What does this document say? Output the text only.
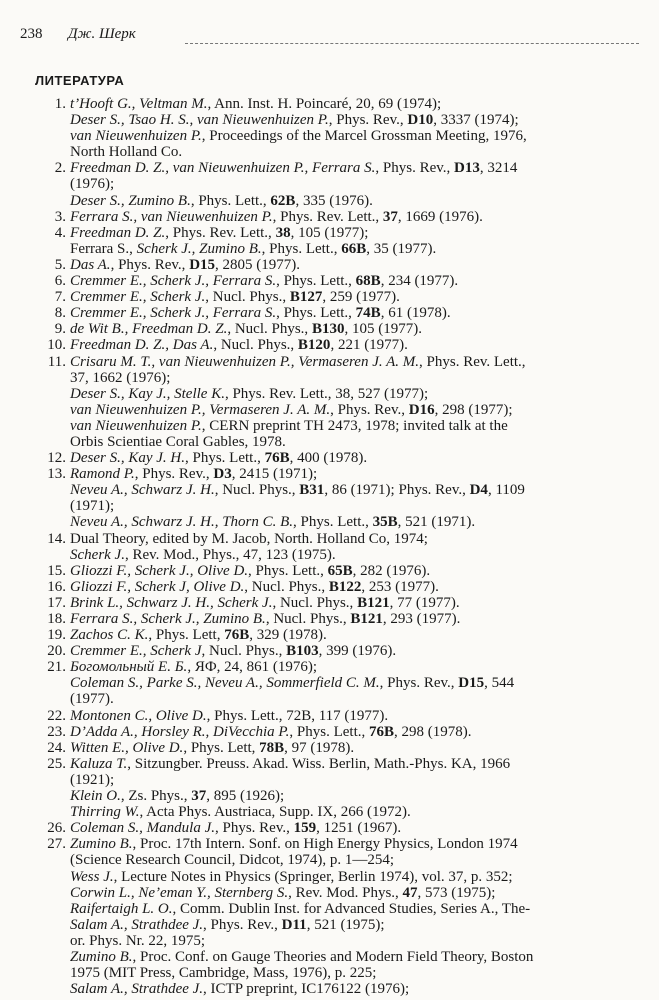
238 Дж. Шерк
ЛИТЕРАТУРА
1. t’Hooft G., Veltman M., Ann. Inst. H. Poincaré, 20, 69 (1974);
Deser S., Tsao H. S., van Nieuwenhuizen P., Phys. Rev., D10, 3337 (1974);
van Nieuwenhuizen P., Proceedings of the Marcel Grossman Meeting, 1976,
North Holland Co.
2. Freedman D. Z., van Nieuwenhuizen P., Ferrara S., Phys. Rev., D13, 3214
(1976);
Deser S., Zumino B., Phys. Lett., 62B, 335 (1976).
3. Ferrara S., van Nieuwenhuizen P., Phys. Rev. Lett., 37, 1669 (1976).
4. Freedman D. Z., Phys. Rev. Lett., 38, 105 (1977);
Ferrara S., Scherk J., Zumino B., Phys. Lett., 66B, 35 (1977).
5. Das A., Phys. Rev., D15, 2805 (1977).
6. Cremmer E., Scherk J., Ferrara S., Phys. Lett., 68B, 234 (1977).
7. Cremmer E., Scherk J., Nucl. Phys., B127, 259 (1977).
8. Cremmer E., Scherk J., Ferrara S., Phys. Lett., 74B, 61 (1978).
9. de Wit B., Freedman D. Z., Nucl. Phys., B130, 105 (1977).
10. Freedman D. Z., Das A., Nucl. Phys., B120, 221 (1977).
11. Crisaru M. T., van Nieuwenhuizen P., Vermaseren J. A. M., Phys. Rev. Lett.,
37, 1662 (1976);
Deser S., Kay J., Stelle K., Phys. Rev. Lett., 38, 527 (1977);
van Nieuwenhuizen P., Vermaseren J. A. M., Phys. Rev., D16, 298 (1977);
van Nieuwenhuizen P., CERN preprint TH 2473, 1978; invited talk at the
Orbis Scientiae Coral Gables, 1978.
12. Deser S., Kay J. H., Phys. Lett., 76B, 400 (1978).
13. Ramond P., Phys. Rev., D3, 2415 (1971);
Neveu A., Schwarz J. H., Nucl. Phys., B31, 86 (1971); Phys. Rev., D4, 1109
(1971);
Neveu A., Schwarz J. H., Thorn C. B., Phys. Lett., 35B, 521 (1971).
14. Dual Theory, edited by M. Jacob, North. Holland Co, 1974;
Scherk J., Rev. Mod., Phys., 47, 123 (1975).
15. Gliozzi F., Scherk J., Olive D., Phys. Lett., 65B, 282 (1976).
16. Gliozzi F., Scherk J, Olive D., Nucl. Phys., B122, 253 (1977).
17. Brink L., Schwarz J. H., Scherk J., Nucl. Phys., B121, 77 (1977).
18. Ferrara S., Scherk J., Zumino B., Nucl. Phys., B121, 293 (1977).
19. Zachos C. K., Phys. Lett, 76B, 329 (1978).
20. Cremmer E., Scherk J, Nucl. Phys., B103, 399 (1976).
21. Богомольный Е. Б., ЯФ, 24, 861 (1976);
Coleman S., Parke S., Neveu A., Sommerfield C. M., Phys. Rev., D15, 544
(1977).
22. Montonen C., Olive D., Phys. Lett., 72B, 117 (1977).
23. D’Adda A., Horsley R., DiVecchia P., Phys. Lett., 76B, 298 (1978).
24. Witten E., Olive D., Phys. Lett, 78B, 97 (1978).
25. Kaluza T., Sitzungber. Preuss. Akad. Wiss. Berlin, Math.-Phys. KA, 1966
(1921);
Klein O., Zs. Phys., 37, 895 (1926);
Thirring W., Acta Phys. Austriaca, Supp. IX, 266 (1972).
26. Coleman S., Mandula J., Phys. Rev., 159, 1251 (1967).
27. Zumino B., Proc. 17th Intern. Sonf. on High Energy Physics, London 1974
(Science Research Council, Didcot, 1974), p. 1—254;
Wess J., Lecture Notes in Physics (Springer, Berlin 1974), vol. 37, p. 352;
Corwin L., Ne’eman Y., Sternberg S., Rev. Mod. Phys., 47, 573 (1975);
Raifertaigh L. O., Comm. Dublin Inst. for Advanced Studies, Series A., The-
Salam A., Strathdee J., Phys. Rev., D11, 521 (1975);
or. Phys. Nr. 22, 1975;
Zumino B., Proc. Conf. on Gauge Theories and Modern Field Theory, Boston
1975 (MIT Press, Cambridge, Mass, 1976), p. 225;
Salam A., Strathdee J., ICTP preprint, IC176122 (1976);
